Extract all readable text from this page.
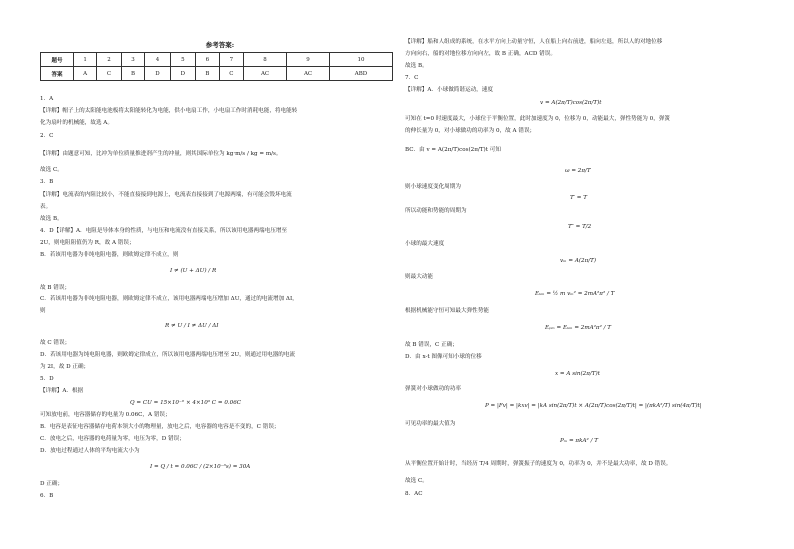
参考答案:
题号	1	2	3	4	5	6	7	8	9	10
答案	A	C	B	D	D	B	C	AC	AC	ABD
1．A
【详解】帽子上的太阳能电池板将太阳能转化为电能，供小电扇工作，小电扇工作时消耗电能，将电能转
化为扇叶的机械能，故选 A。
2．C
【详解】由题意可知，比冲为单位质量推进剂产生的冲量，则其国际单位为 kg·m/s / kg = m/s。
故选 C。
3．B
【详解】电流表的内阻比较小，不能直接接到电源上，电流表直接接到了电源两端，有可能会毁坏电流
表。
故选 B。
4．D【详解】A．电阻是导体本身的性质，与电压和电流没有直接关系，所以该用电器两端电压增至
2U，则电阻阻值仍为 R，故 A 错误；
B．若该用电器为非纯电阻电器，则欧姆定律不成立，则
故 B 错误；
C．若该用电器为非纯电阻电器，则欧姆定律不成立，该用电器两端电压增加 ΔU，通过的电流增加 ΔI，
则
故 C 错误；
D．若该用电器为纯电阻电器，则欧姆定律成立，所以该用电器两端电压增至 2U，则通过用电器的电流
为 2I，故 D 正确；
5．D
【详解】A．根据
可知放电前，电容器储存的电量为 0.06C，A 错误；
B．电容是表征电容器储存电荷本领大小的物理量，放电之后，电容器的电容是不变的，C 错误；
C．放电之后，电容器的电荷量为零，电压为零，D 错误；
D．放电过程通过人体的平均电流大小为
D 正确；
6．B
I ≠ (U + ΔU) / R
R ≠ U / I ≠ ΔU / ΔI
Q = CU = 15×10⁻⁶ × 4×10³ C = 0.06C
I = Q / t = 0.06C / (2×10⁻³s) = 30A
【详解】船和人组成的系统，在水平方向上动量守恒，人在船上向右前进，船向左退，所以人的对地位移
方向向右，船的对地位移方向向左，故 B 正确，ACD 错误。
故选 B。
7．C
【详解】A．小球做简谐运动，速度
可知在 t=0 时速度最大，小球位于平衡位置，此时加速度为 0，位移为 0，动能最大，弹性势能为 0，弹簧
的伸长量为 0，对小球做功的功率为 0，故 A 错误；
BC．由 v = A(2π/T)cos(2π/T)t 可知
则小球速度变化周期为
所以动能和势能的周期为
小球的最大速度
则最大动能
根据机械能守恒可知最大弹性势能
故 B 错误，C 正确；
D．由 x-t 图像可知小球的位移
弹簧对小球做功的功率
可见功率的最大值为
从平衡位置开始计时，当经历 T/4 周期时，弹簧振子的速度为 0，功率为 0，并不是最大功率，故 D 错误。
故选 C。
8．AC
v = A(2π/T)cos(2π/T)t
ω = 2π/T
T′ = T
T″ = T/2
vₘ = A(2π/T)
Eₖₘ = ½ m vₘ² = 2mA²π² / T
Eₚₘ = Eₖₘ = 2mA²π² / T
x = A sin(2π/T)t
P = |Fv| = |kxv| = |kA sin(2π/T)t × A(2π/T)cos(2π/T)t| = |(πkA²/T) sin(4π/T)t|
Pₘ = πkA² / T
